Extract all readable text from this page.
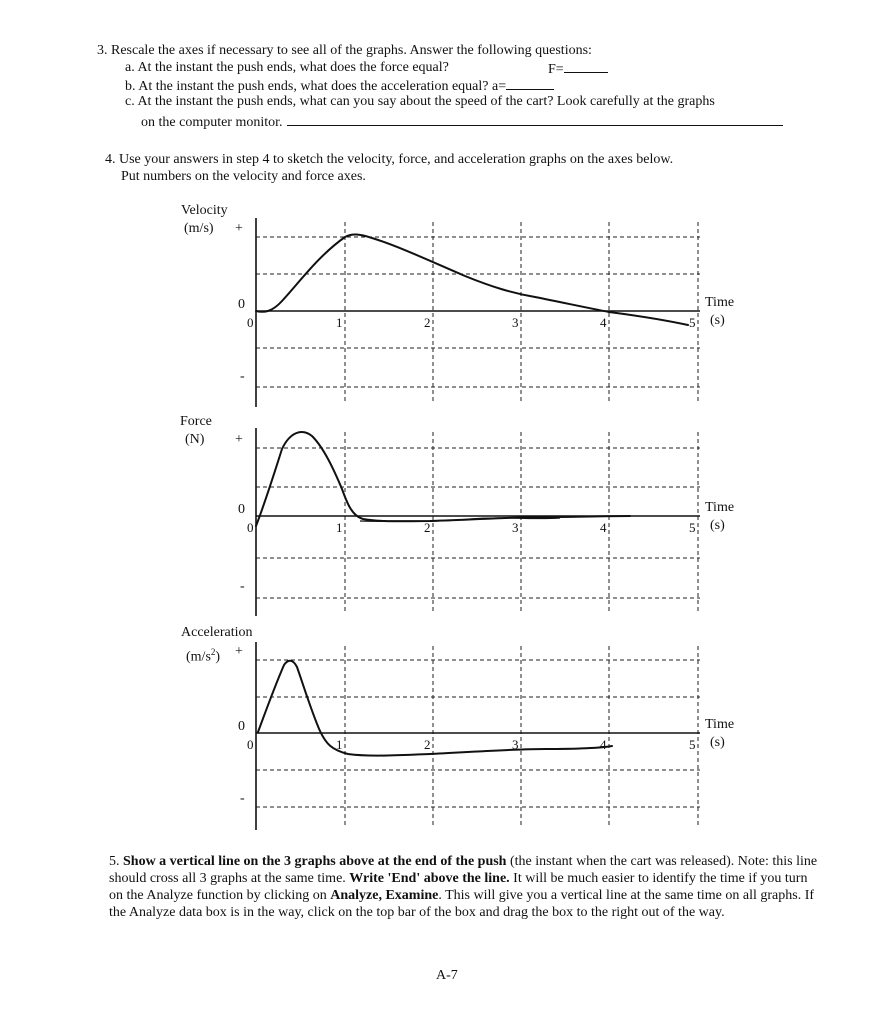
3. Rescale the axes if necessary to see all of the graphs. Answer the following questions:
a. At the instant the push ends, what does the force equal?	F=
b. At the instant the push ends, what does the acceleration equal? a=
c. At the instant the push ends, what can you say about the speed of the cart? Look carefully at the graphs
on the computer monitor.
4. Use your answers in step 4 to sketch the velocity, force, and acceleration graphs on the axes below.
Put numbers on the velocity and force axes.
Velocity
(m/s)
Force
(N)
Acceleration
$(m/s^2)$
0	1	2	3	4	5
+
0
-
Time
(s)
0	1	2	3	4	5
+
0
-
Time
(s)
0	1	2	3	4	5
+
0
-
Time
(s)
5. Show a vertical line on the 3 graphs above at the end of the push (the instant when the cart was released). Note: this line should cross all 3 graphs at the same time. Write 'End' above the line. It will be much easier to identify the time if you turn on the Analyze function by clicking on Analyze, Examine. This will give you a vertical line at the same time on all graphs. If the Analyze data box is in the way, click on the top bar of the box and drag the box to the right out of the way.
A-7
